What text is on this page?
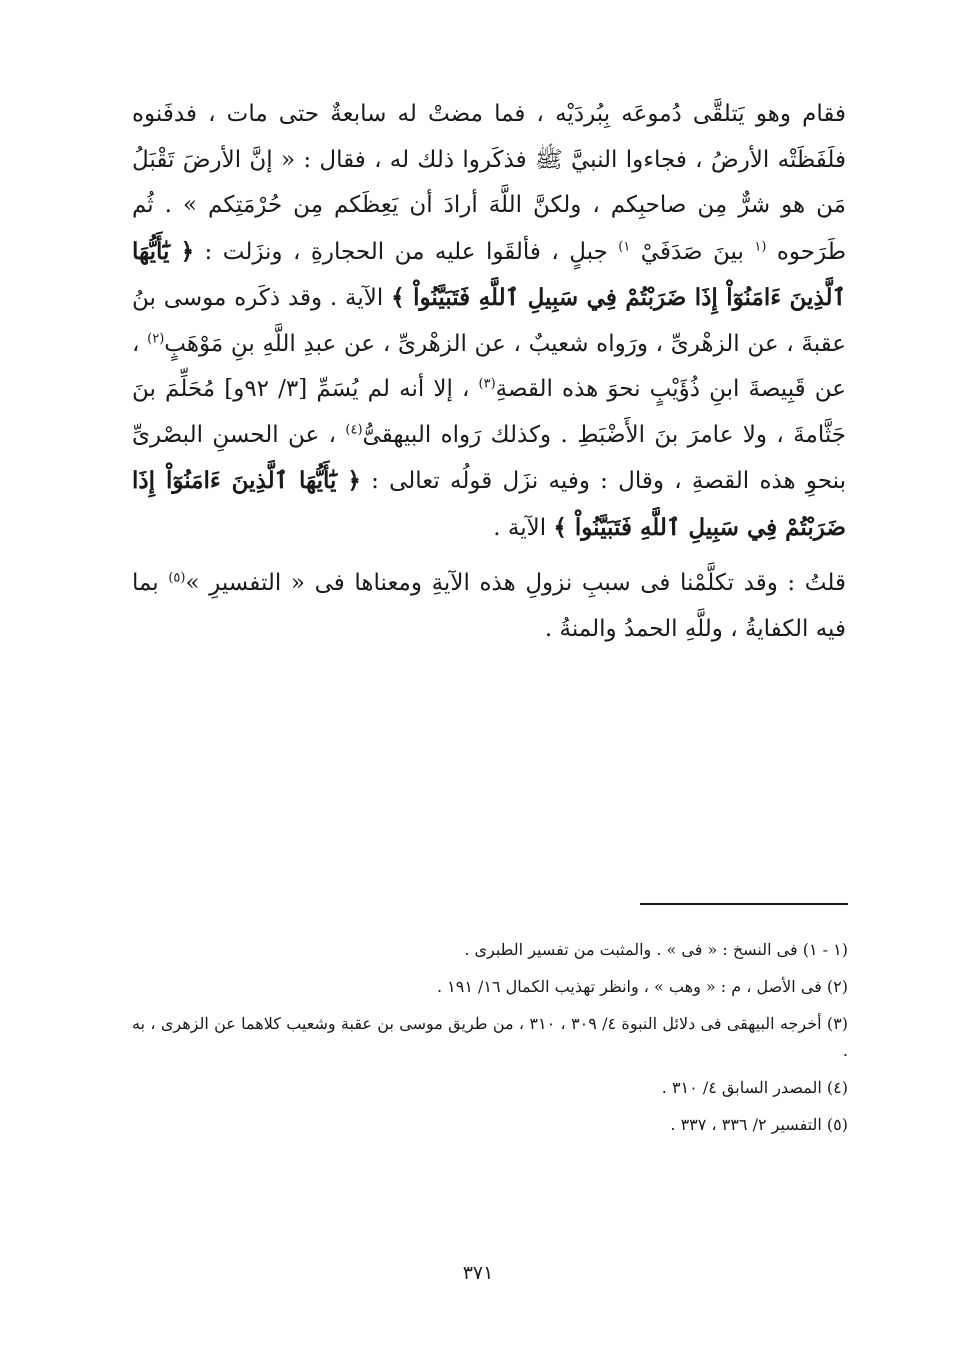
فقام وهو يَتلقَّى دُموعَه بِبُردَيْه ، فما مضتْ له سابعةٌ حتى مات ، فدفَنوه فلَفَظَتْه الأرضُ ، فجاءوا النبيَّ ﷺ فذكَروا ذلك له ، فقال : « إنَّ الأرضَ تَقْبَلُ مَن هو شرٌّ مِن صاحبِكم ، ولكنَّ اللَّهَ أرادَ أن يَعِظَكم مِن حُرْمَتِكم » . ثُم طَرَحوه $^{(١}$ بينَ صَدَفَيْ $^{١)}$ جبلٍ ، فألقَوا عليه من الحجارةِ ، ونزَلت : ﴿ يَٰٓأَيُّهَا ٱلَّذِينَ ءَامَنُوٓاْ إِذَا ضَرَبْتُمْ فِي سَبِيلِ ٱللَّهِ فَتَبَيَّنُواْ ﴾ الآية . وقد ذكَره موسى بنُ عقبةَ ، عن الزهْرىِّ ، ورَواه شعيبٌ ، عن الزهْرىِّ ، عن عبدِ اللَّهِ بنِ مَوْهَبٍ$^{(٢)}$ ، عن قَبِيصةَ ابنِ ذُؤَيْبٍ نحوَ هذه القصةِ$^{(٣)}$ ، إلا أنه لم يُسَمِّ [٣/ ٩٢و] مُحَلِّمَ بنَ جَثَّامةَ ، ولا عامرَ بنَ الأَضْبَطِ . وكذلك رَواه البيهقىُّ$^{(٤)}$ ، عن الحسنِ البصْرىِّ بنحوِ هذه القصةِ ، وقال : وفيه نزَل قولُه تعالى : ﴿ يَٰٓأَيُّهَا ٱلَّذِينَ ءَامَنُوٓاْ إِذَا ضَرَبْتُمْ فِي سَبِيلِ ٱللَّهِ فَتَبَيَّنُواْ ﴾ الآية .

قلتُ : وقد تكلَّمْنا فى سببِ نزولِ هذه الآيةِ ومعناها فى « التفسيرِ »$^{(٥)}$ بما فيه الكفايةُ ، وللَّهِ الحمدُ والمنةُ .

(١ - ١) فى النسخ : « فى » . والمثبت من تفسير الطبرى .

(٢) فى الأصل ، م : « وهب » ، وانظر تهذيب الكمال ١٦/ ١٩١ .

(٣) أخرجه البيهقى فى دلائل النبوة ٤/ ٣٠٩ ، ٣١٠ ، من طريق موسى بن عقبة وشعيب كلاهما عن الزهرى ، به .

(٤) المصدر السابق ٤/ ٣١٠ .

(٥) التفسير ٢/ ٣٣٦ ، ٣٣٧ .

٣٧١
